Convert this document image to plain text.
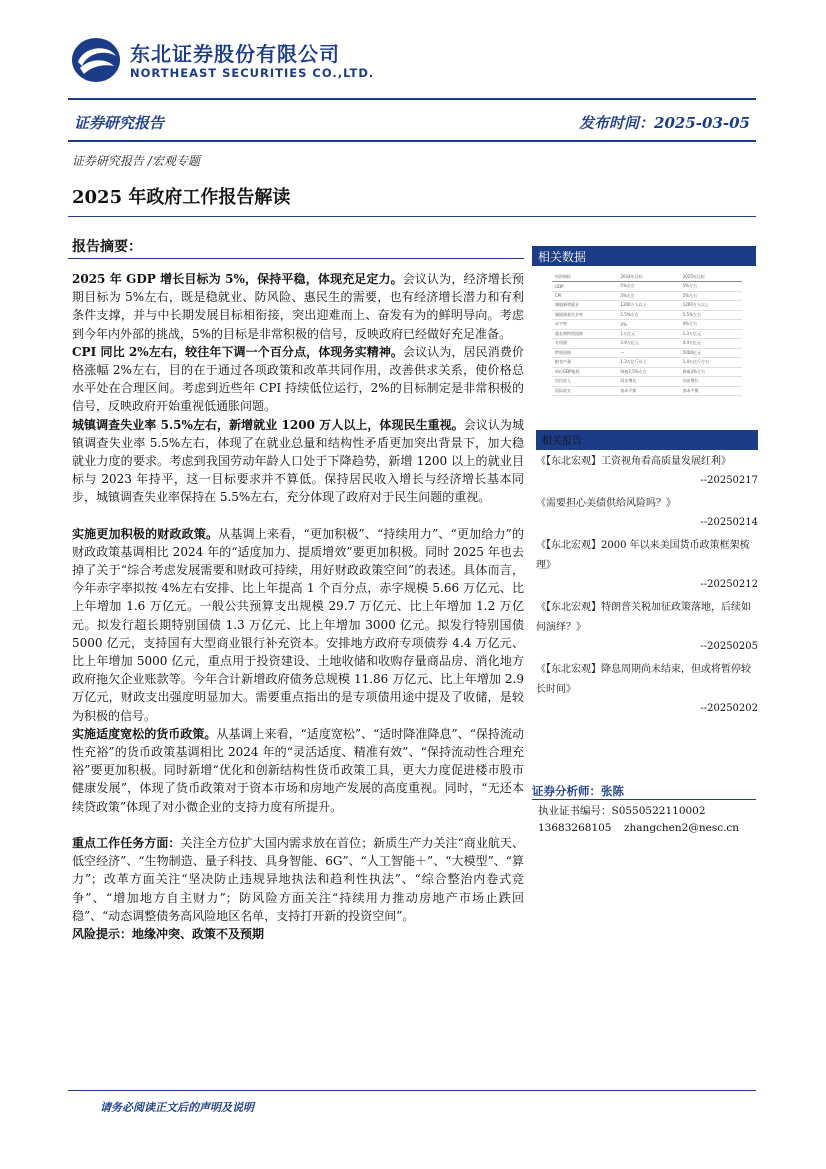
东北证券股份有限公司
NORTHEAST SECURITIES CO.,LTD.
证券研究报告	发布时间：2025-03-05
证券研究报告 /宏观专题
2025 年政府工作报告解读
报告摘要：

2025 年 GDP 增长目标为 5%，保持平稳，体现充足定力。会议认为，经济增长预期目标为 5%左右，既是稳就业、防风险、惠民生的需要，也有经济增长潜力和有利条件支撑，并与中长期发展目标相衔接，突出迎难而上、奋发有为的鲜明导向。考虑到今年内外部的挑战，5%的目标是非常积极的信号，反映政府已经做好充足准备。

CPI 同比 2%左右，较往年下调一个百分点，体现务实精神。会议认为，居民消费价格涨幅 2%左右，目的在于通过各项政策和改革共同作用，改善供求关系，使价格总水平处在合理区间。考虑到近些年 CPI 持续低位运行，2%的目标制定是非常积极的信号，反映政府开始重视低通胀问题。

城镇调查失业率 5.5%左右，新增就业 1200 万人以上，体现民生重视。会议认为城镇调查失业率 5.5%左右，体现了在就业总量和结构性矛盾更加突出背景下，加大稳就业力度的要求。考虑到我国劳动年龄人口处于下降趋势，新增 1200 以上的就业目标与 2023 年持平，这一目标要求并不算低。保持居民收入增长与经济增长基本同步，城镇调查失业率保持在 5.5%左右，充分体现了政府对于民生问题的重视。

实施更加积极的财政政策。从基调上来看，“更加积极”、“持续用力”、“更加给力”的财政政策基调相比 2024 年的“适度加力、提质增效”要更加积极。同时 2025 年也去掉了关于“综合考虑发展需要和财政可持续，用好财政政策空间”的表述。具体而言，今年赤字率拟按 4%左右安排、比上年提高 1 个百分点，赤字规模 5.66 万亿元、比上年增加 1.6 万亿元。一般公共预算支出规模 29.7 万亿元、比上年增加 1.2 万亿元。拟发行超长期特别国债 1.3 万亿元、比上年增加 3000 亿元。拟发行特别国债 5000 亿元，支持国有大型商业银行补充资本。安排地方政府专项债券 4.4 万亿元、比上年增加 5000 亿元，重点用于投资建设、土地收储和收购存量商品房、消化地方政府拖欠企业账款等。今年合计新增政府债务总规模 11.86 万亿元、比上年增加 2.9 万亿元，财政支出强度明显加大。需要重点指出的是专项债用途中提及了收储，是较为积极的信号。

实施适度宽松的货币政策。从基调上来看，“适度宽松”、“适时降准降息”、“保持流动性充裕”的货币政策基调相比 2024 年的“灵活适度、精准有效”、“保持流动性合理充裕”要更加积极。同时新增“优化和创新结构性货币政策工具，更大力度促进楼市股市健康发展”，体现了货币政策对于资本市场和房地产发展的高度重视。同时，“无还本续贷政策”体现了对小微企业的支持力度有所提升。

重点工作任务方面：关注全方位扩大国内需求放在首位；新质生产力关注“商业航天、低空经济”、“生物制造、量子科技、具身智能、6G”、“人工智能＋”、“大模型”、“算力”；改革方面关注“坚决防止违规异地执法和趋利性执法”、“综合整治内卷式竞争”、“增加地方自主财力”；防风险方面关注“持续用力推动房地产市场止跌回稳”、“动态调整债务高风险地区名单，支持打开新的投资空间”。

风险提示：地缘冲突、政策不及预期

相关数据
经济指标	2024年目标	2025年目标
GDP	5%左右	5%左右
CPI	3%左右	2%左右
城镇新增就业	1200万人以上	1200万人以上
城镇调查失业率	5.5%左右	5.5%左右
赤字率	3%	4%左右
超长期特别国债	1万亿元	1.3万亿元
专项债	3.9万亿元	4.4万亿元
特别国债	—	5000亿元
粮食产量	1.3万亿斤以上	1.4万亿斤左右
单位GDP能耗	降低2.5%左右	降低3%左右
居民收入	同步增长	同步增长
国际收支	基本平衡	基本平衡
相关报告
《【东北宏观】工资视角看高质量发展红利》
--20250217
《需要担心美债供给风险吗？》
--20250214
《【东北宏观】2000 年以来美国货币政策框架梳理》
--20250212
《【东北宏观】特朗普关税加征政策落地，后续如何演绎？》
--20250205
《【东北宏观】降息周期尚未结束，但或将暂停较长时间》
--20250202
证券分析师：张陈
执业证书编号：S0550522110002
13683268105 zhangchen2@nesc.cn
请务必阅读正文后的声明及说明
